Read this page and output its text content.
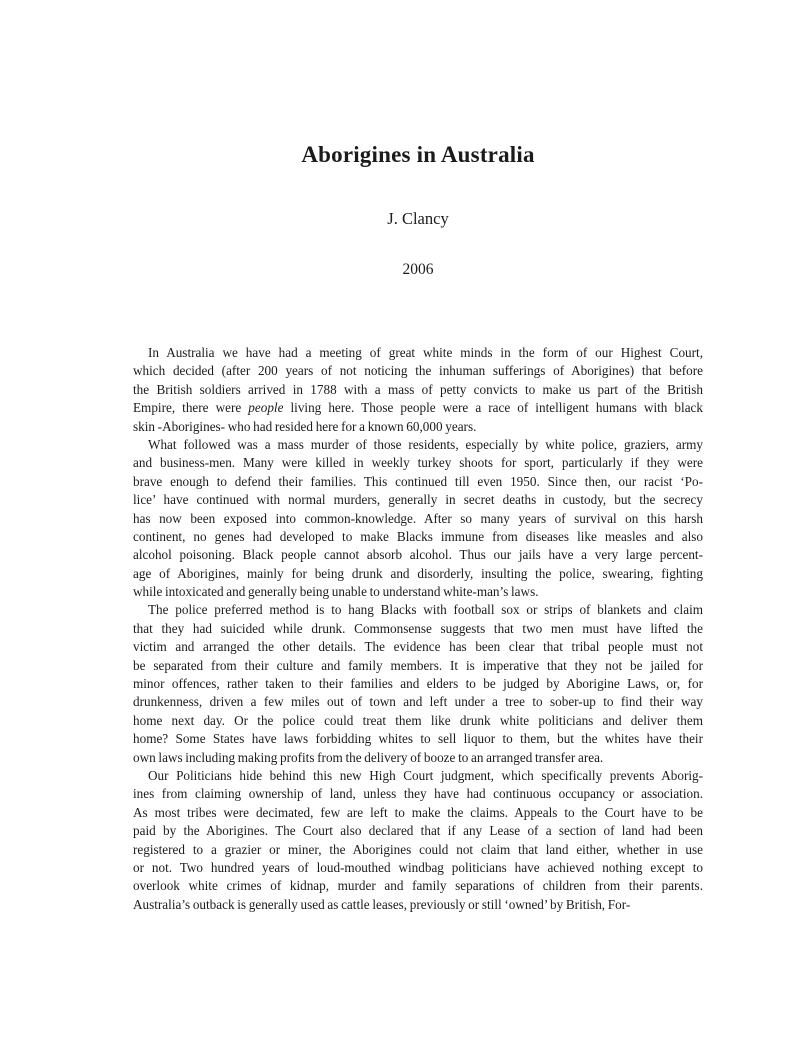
Aborigines in Australia
J. Clancy
2006
In Australia we have had a meeting of great white minds in the form of our Highest Court,
which decided (after 200 years of not noticing the inhuman sufferings of Aborigines) that before
the British soldiers arrived in 1788 with a mass of petty convicts to make us part of the British
Empire, there were people living here. Those people were a race of intelligent humans with black
skin -Aborigines- who had resided here for a known 60,000 years.
What followed was a mass murder of those residents, especially by white police, graziers, army
and business-men. Many were killed in weekly turkey shoots for sport, particularly if they were
brave enough to defend their families. This continued till even 1950. Since then, our racist ‘Po-
lice’ have continued with normal murders, generally in secret deaths in custody, but the secrecy
has now been exposed into common-knowledge. After so many years of survival on this harsh
continent, no genes had developed to make Blacks immune from diseases like measles and also
alcohol poisoning. Black people cannot absorb alcohol. Thus our jails have a very large percent-
age of Aborigines, mainly for being drunk and disorderly, insulting the police, swearing, fighting
while intoxicated and generally being unable to understand white-man’s laws.
The police preferred method is to hang Blacks with football sox or strips of blankets and claim
that they had suicided while drunk. Commonsense suggests that two men must have lifted the
victim and arranged the other details. The evidence has been clear that tribal people must not
be separated from their culture and family members. It is imperative that they not be jailed for
minor offences, rather taken to their families and elders to be judged by Aborigine Laws, or, for
drunkenness, driven a few miles out of town and left under a tree to sober-up to find their way
home next day. Or the police could treat them like drunk white politicians and deliver them
home? Some States have laws forbidding whites to sell liquor to them, but the whites have their
own laws including making profits from the delivery of booze to an arranged transfer area.
Our Politicians hide behind this new High Court judgment, which specifically prevents Aborig-
ines from claiming ownership of land, unless they have had continuous occupancy or association.
As most tribes were decimated, few are left to make the claims. Appeals to the Court have to be
paid by the Aborigines. The Court also declared that if any Lease of a section of land had been
registered to a grazier or miner, the Aborigines could not claim that land either, whether in use
or not. Two hundred years of loud-mouthed windbag politicians have achieved nothing except to
overlook white crimes of kidnap, murder and family separations of children from their parents.
Australia’s outback is generally used as cattle leases, previously or still ‘owned’ by British, For-
